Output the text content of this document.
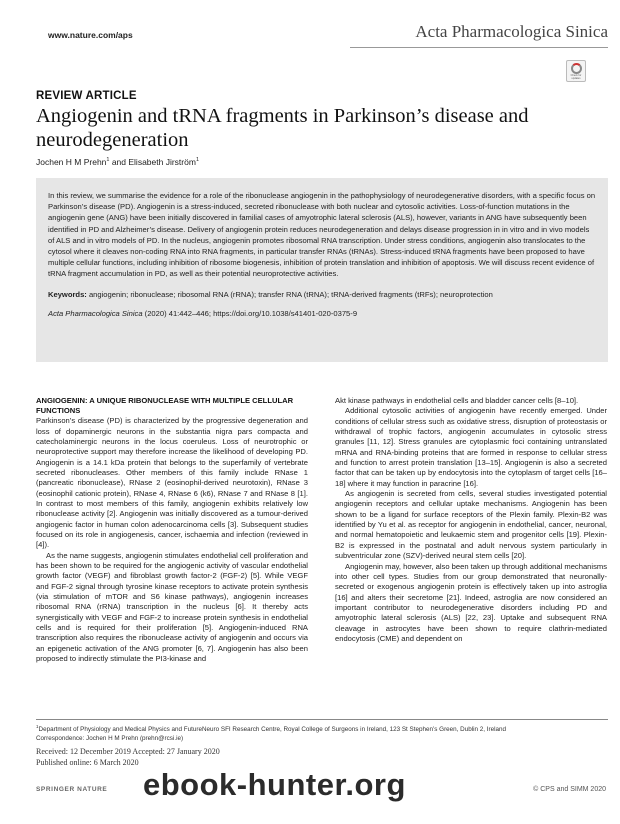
www.nature.com/aps	Acta Pharmacologica Sinica
Check for updates
REVIEW ARTICLE
Angiogenin and tRNA fragments in Parkinson’s disease and neurodegeneration
Jochen H M Prehn$^1$ and Elisabeth Jirström$^1$

In this review, we summarise the evidence for a role of the ribonuclease angiogenin in the pathophysiology of neurodegenerative disorders, with a specific focus on Parkinson’s disease (PD). Angiogenin is a stress-induced, secreted ribonuclease with both nuclear and cytosolic activities. Loss-of-function mutations in the angiogenin gene (ANG) have been initially discovered in familial cases of amyotrophic lateral sclerosis (ALS), however, variants in ANG have subsequently been identified in PD and Alzheimer’s disease. Delivery of angiogenin protein reduces neurodegeneration and delays disease progression in in vitro and in vivo models of ALS and in vitro models of PD. In the nucleus, angiogenin promotes ribosomal RNA transcription. Under stress conditions, angiogenin also translocates to the cytosol where it cleaves non-coding RNA into RNA fragments, in particular transfer RNAs (tRNAs). Stress-induced tRNA fragments have been proposed to have multiple cellular functions, including inhibition of ribosome biogenesis, inhibition of protein translation and inhibition of apoptosis. We will discuss recent evidence of tRNA fragment accumulation in PD, as well as their potential neuroprotective activities.

Keywords: angiogenin; ribonuclease; ribosomal RNA (rRNA); transfer RNA (tRNA); tRNA-derived fragments (tRFs); neuroprotection

Acta Pharmacologica Sinica (2020) 41:442–446; https://doi.org/10.1038/s41401-020-0375-9

ANGIOGENIN: A UNIQUE RIBONUCLEASE WITH MULTIPLE CELLULAR FUNCTIONS

Parkinson’s disease (PD) is characterized by the progressive degeneration and loss of dopaminergic neurons in the substantia nigra pars compacta and catecholaminergic neurons in the locus coeruleus. Loss of neurotrophic or neuroprotective support may therefore increase the likelihood of developing PD. Angiogenin is a 14.1 kDa protein that belongs to the superfamily of vertebrate secreted ribonucleases. Other members of this family include RNase 1 (pancreatic ribonuclease), RNase 2 (eosinophil-derived neurotoxin), RNase 3 (eosinophil cationic protein), RNase 4, RNase 6 (k6), RNase 7 and RNase 8 [1]. In contrast to most members of this family, angiogenin exhibits relatively low ribonuclease activity [2]. Angiogenin was initially discovered as a tumour-derived angiogenic factor in human colon adenocarcinoma cells [3]. Subsequent studies focused on its role in angiogenesis, cancer, ischaemia and infection (reviewed in [4]).

As the name suggests, angiogenin stimulates endothelial cell proliferation and has been shown to be required for the angiogenic activity of vascular endothelial growth factor (VEGF) and fibroblast growth factor-2 (FGF-2) [5]. While VEGF and FGF-2 signal through tyrosine kinase receptors to activate protein synthesis (via stimulation of mTOR and S6 kinase pathways), angiogenin increases ribosomal RNA (rRNA) transcription in the nucleus [6]. It thereby acts synergistically with VEGF and FGF-2 to increase protein synthesis in endothelial cells and is required for their proliferation [5]. Angiogenin-induced RNA transcription also requires the ribonuclease activity of angiogenin and occurs via an epigenetic activation of the ANG promoter [6, 7]. Angiogenin has also been proposed to indirectly stimulate the PI3-kinase and

Akt kinase pathways in endothelial cells and bladder cancer cells [8–10].

Additional cytosolic activities of angiogenin have recently emerged. Under conditions of cellular stress such as oxidative stress, disruption of proteostasis or withdrawal of trophic factors, angiogenin accumulates in cytosolic stress granules [11, 12]. Stress granules are cytoplasmic foci containing untranslated mRNA and RNA-binding proteins that are formed in response to cellular stress and function to arrest protein translation [13–15]. Angiogenin is also a secreted factor that can be taken up by endocytosis into the cytoplasm of target cells [16–18] where it may function in paracrine [16].

As angiogenin is secreted from cells, several studies investigated potential angiogenin receptors and cellular uptake mechanisms. Angiogenin has been shown to be a ligand for surface receptors of the Plexin family. Plexin-B2 was identified by Yu et al. as receptor for angiogenin in endothelial, cancer, neuronal, and normal hematopoietic and leukaemic stem and progenitor cells [19]. Plexin-B2 is expressed in the postnatal and adult nervous system particularly in subventricular zone (SZV)-derived neural stem cells [20].

Angiogenin may, however, also been taken up through additional mechanisms into other cell types. Studies from our group demonstrated that neuronally-secreted or exogenous angiogenin protein is effectively taken up into astroglia [16] and alters their secretome [21]. Indeed, astroglia are now considered an important contributor to neurodegenerative disorders including PD and amyotrophic lateral sclerosis (ALS) [22, 23]. Uptake and subsequent RNA cleavage in astrocytes have been shown to require clathrin-mediated endocytosis (CME) and dependent on

$^1$Department of Physiology and Medical Physics and FutureNeuro SFI Research Centre, Royal College of Surgeons in Ireland, 123 St Stephen’s Green, Dublin 2, Ireland
Correspondence: Jochen H M Prehn (prehn@rcsi.ie)
Received: 12 December 2019 Accepted: 27 January 2020
Published online: 6 March 2020
SPRINGER NATURE	© CPS and SIMM 2020
ebook-hunter.org
